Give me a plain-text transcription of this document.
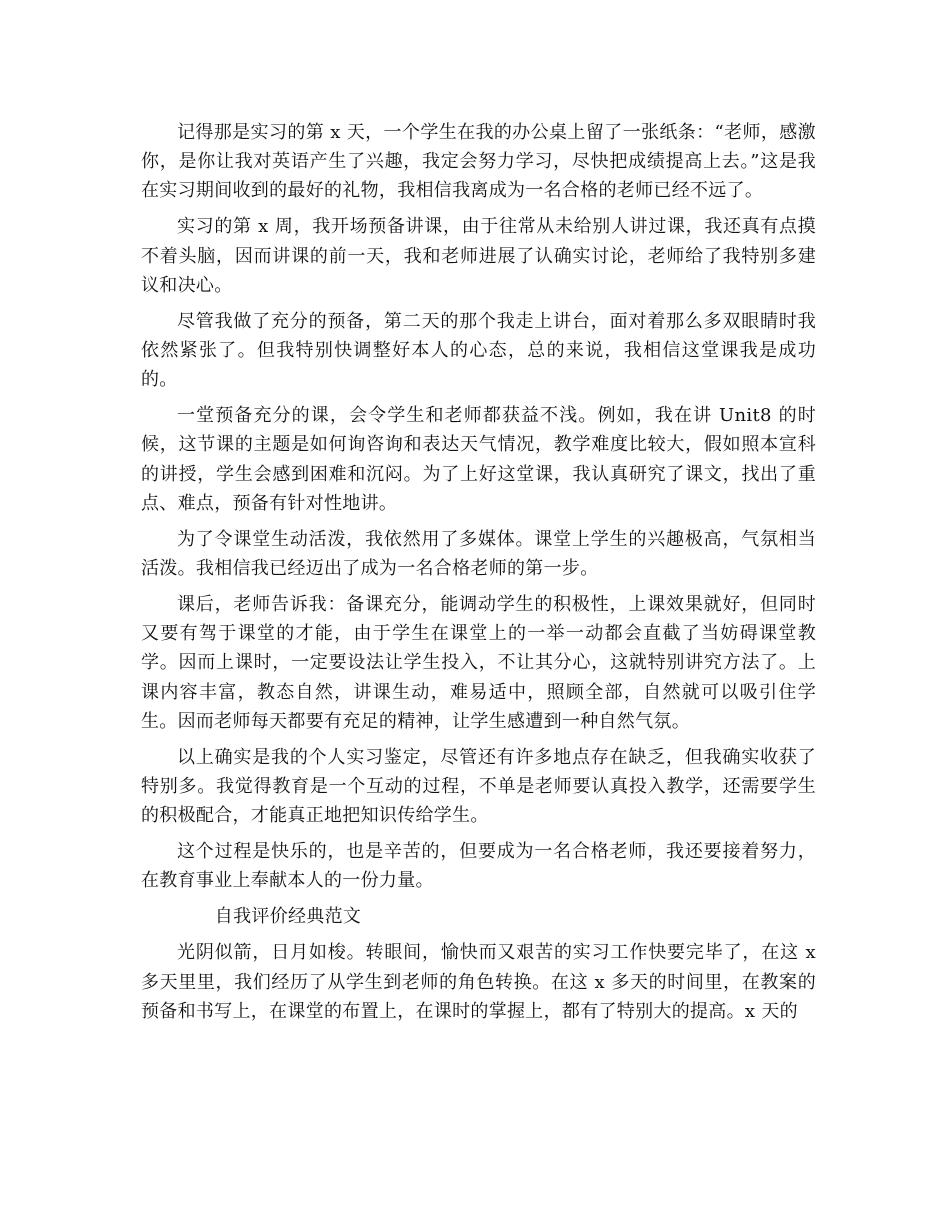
记得那是实习的第 x 天，一个学生在我的办公桌上留了一张纸条：“老师，感激你，是你让我对英语产生了兴趣，我定会努力学习，尽快把成绩提高上去。”这是我在实习期间收到的最好的礼物，我相信我离成为一名合格的老师已经不远了。

实习的第 x 周，我开场预备讲课，由于往常从未给别人讲过课，我还真有点摸不着头脑，因而讲课的前一天，我和老师进展了认确实讨论，老师给了我特别多建议和决心。

尽管我做了充分的预备，第二天的那个我走上讲台，面对着那么多双眼睛时我依然紧张了。但我特别快调整好本人的心态，总的来说，我相信这堂课我是成功的。

一堂预备充分的课，会令学生和老师都获益不浅。例如，我在讲 Unit8 的时候，这节课的主题是如何询咨询和表达天气情况，教学难度比较大，假如照本宣科的讲授，学生会感到困难和沉闷。为了上好这堂课，我认真研究了课文，找出了重点、难点，预备有针对性地讲。

为了令课堂生动活泼，我依然用了多媒体。课堂上学生的兴趣极高，气氛相当活泼。我相信我已经迈出了成为一名合格老师的第一步。

课后，老师告诉我：备课充分，能调动学生的积极性，上课效果就好，但同时又要有驾于课堂的才能，由于学生在课堂上的一举一动都会直截了当妨碍课堂教学。因而上课时，一定要设法让学生投入，不让其分心，这就特别讲究方法了。上课内容丰富，教态自然，讲课生动，难易适中，照顾全部，自然就可以吸引住学生。因而老师每天都要有充足的精神，让学生感遭到一种自然气氛。

以上确实是我的个人实习鉴定，尽管还有许多地点存在缺乏，但我确实收获了特别多。我觉得教育是一个互动的过程，不单是老师要认真投入教学，还需要学生的积极配合，才能真正地把知识传给学生。

这个过程是快乐的，也是辛苦的，但要成为一名合格老师，我还要接着努力，在教育事业上奉献本人的一份力量。

自我评价经典范文

光阴似箭，日月如梭。转眼间，愉快而又艰苦的实习工作快要完毕了，在这 x 多天里里，我们经历了从学生到老师的角色转换。在这 x 多天的时间里，在教案的预备和书写上，在课堂的布置上，在课时的掌握上，都有了特别大的提高。x 天的
